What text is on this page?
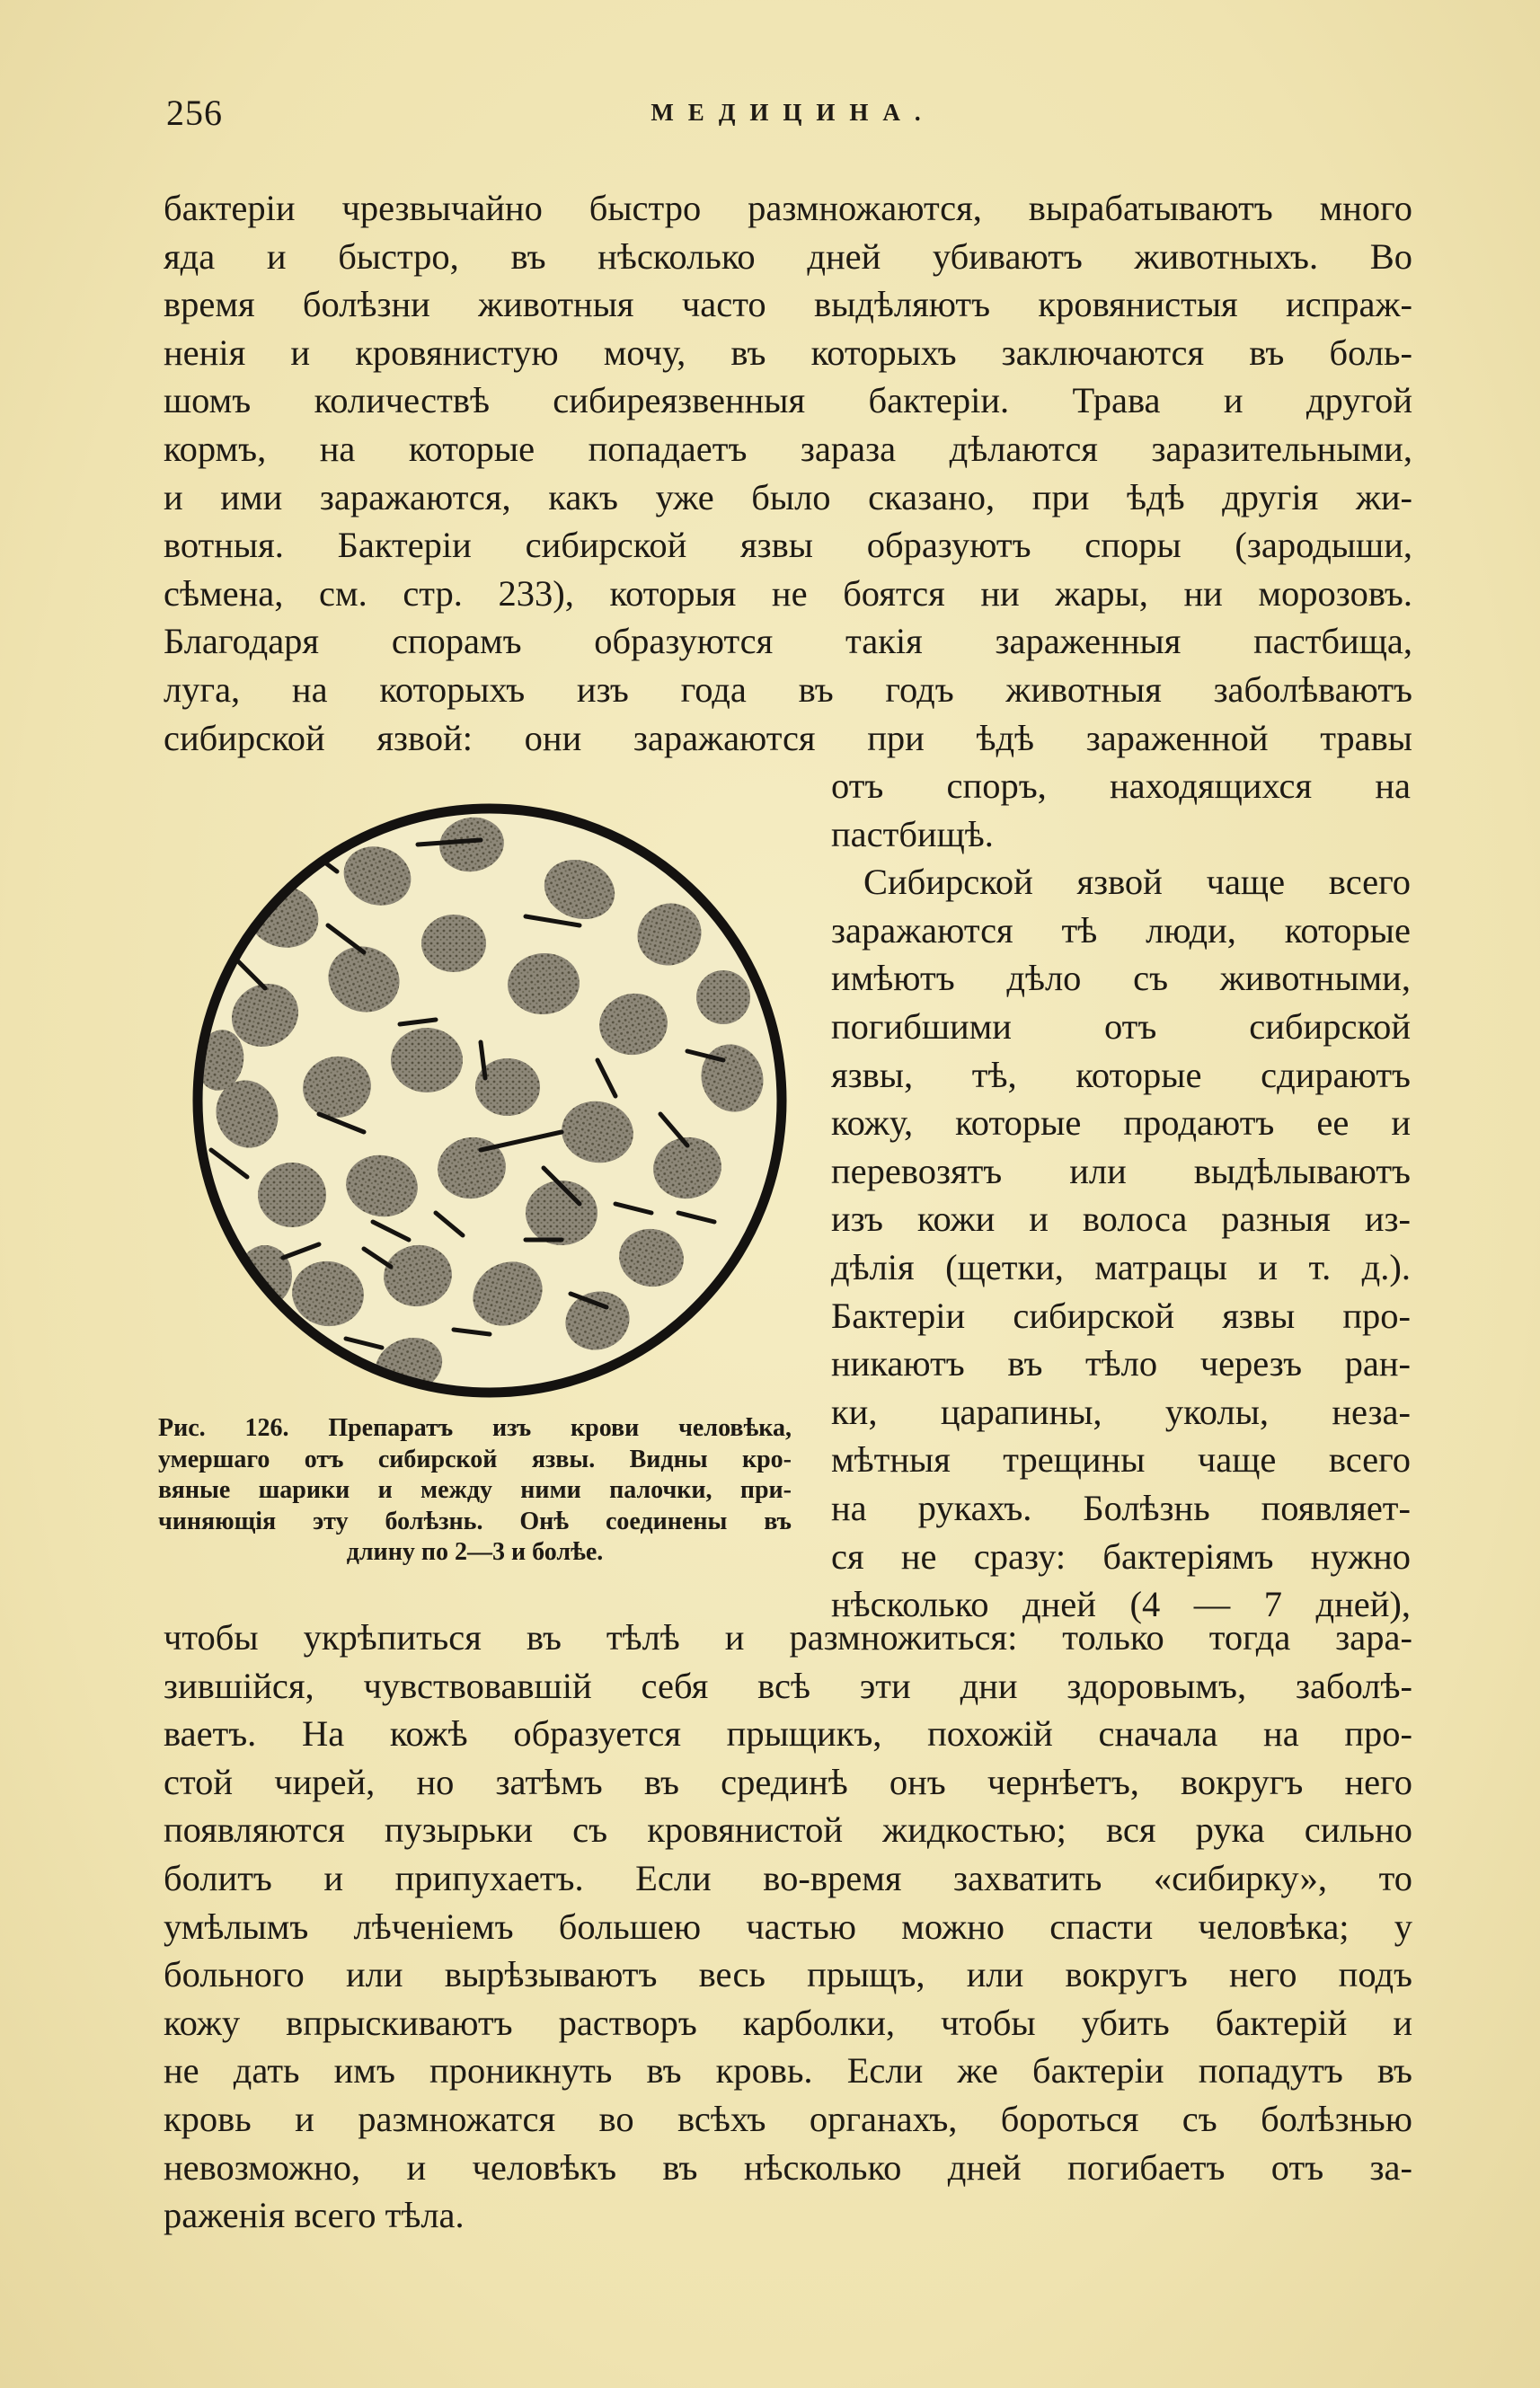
256	МЕДИЦИНА.
бактерiи чрезвычайно быстро размножаются, вырабатываютъ много
яда и быстро, въ нѣсколько дней убиваютъ животныхъ. Во
время болѣзни животныя часто выдѣляютъ кровянистыя испраж-
ненiя и кровянистую мочу, въ которыхъ заключаются въ боль-
шомъ количествѣ сибиреязвенныя бактерiи. Трава и другой
кормъ, на которые попадаетъ зараза дѣлаются заразительными,
и ими заражаются, какъ уже было сказано, при ѣдѣ другiя жи-
вотныя. Бактерiи сибирской язвы образуютъ споры (зародыши,
сѣмена, см. стр. 233), которыя не боятся ни жары, ни морозовъ.
Благодаря спорамъ образуются такiя зараженныя пастбища,
луга, на которыхъ изъ года въ годъ животныя заболѣваютъ
сибирской язвой: они заражаются при ѣдѣ зараженной травы
отъ споръ, находящихся на
пастбищѣ.
Сибирской язвой чаще всего
заражаются тѣ люди, которые
имѣютъ дѣло съ животными,
погибшими отъ сибирской
язвы, тѣ, которые сдираютъ
кожу, которые продаютъ ее и
перевозятъ или выдѣлываютъ
изъ кожи и волоса разныя из-
дѣлiя (щетки, матрацы и т. д.).
Бактерiи сибирской язвы про-
никаютъ въ тѣло черезъ ран-
ки, царапины, уколы, неза-
мѣтныя трещины чаще всего
на рукахъ. Болѣзнь появляет-
ся не сразу: бактерiямъ нужно
нѣсколько дней (4 — 7 дней),
Рис. 126. Препаратъ изъ крови человѣка,
умершаго отъ сибирской язвы. Видны кро-
вяные шарики и между ними палочки, при-
чиняющiя эту болѣзнь. Онѣ соединены въ
длину по 2—3 и болѣе.
чтобы укрѣпиться въ тѣлѣ и размножиться: только тогда зара-
зившiйся, чувствовавшiй себя всѣ эти дни здоровымъ, заболѣ-
ваетъ. На кожѣ образуется прыщикъ, похожiй сначала на про-
стой чирей, но затѣмъ въ срединѣ онъ чернѣетъ, вокругъ него
появляются пузырьки съ кровянистой жидкостью; вся рука сильно
болитъ и припухаетъ. Если во-время захватить «сибирку», то
умѣлымъ лѣченiемъ большею частью можно спасти человѣка; у
больного или вырѣзываютъ весь прыщъ, или вокругъ него подъ
кожу впрыскиваютъ растворъ карболки, чтобы убить бактерiй и
не дать имъ проникнуть въ кровь. Если же бактерiи попадутъ въ
кровь и размножатся во всѣхъ органахъ, бороться съ болѣзнью
невозможно, и человѣкъ въ нѣсколько дней погибаетъ отъ за-
раженiя всего тѣла.
